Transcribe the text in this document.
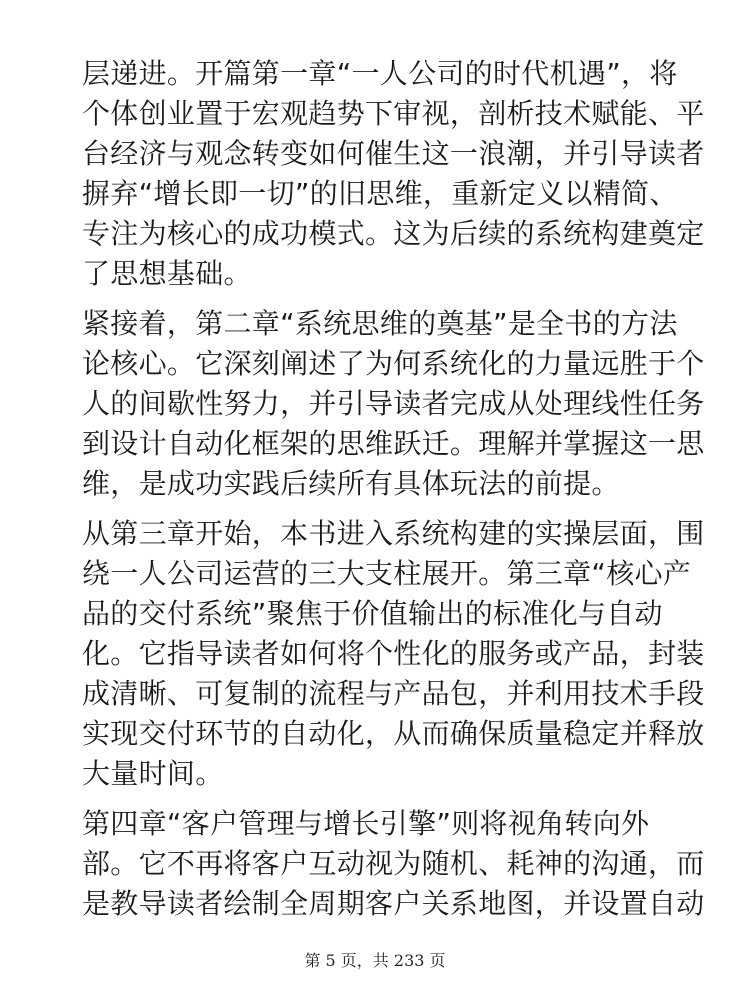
层递进。开篇第一章“一人公司的时代机遇”，将
个体创业置于宏观趋势下审视，剖析技术赋能、平
台经济与观念转变如何催生这一浪潮，并引导读者
摒弃“增长即一切”的旧思维，重新定义以精简、
专注为核心的成功模式。这为后续的系统构建奠定
了思想基础。
紧接着，第二章“系统思维的奠基”是全书的方法
论核心。它深刻阐述了为何系统化的力量远胜于个
人的间歇性努力，并引导读者完成从处理线性任务
到设计自动化框架的思维跃迁。理解并掌握这一思
维，是成功实践后续所有具体玩法的前提。
从第三章开始，本书进入系统构建的实操层面，围
绕一人公司运营的三大支柱展开。第三章“核心产
品的交付系统”聚焦于价值输出的标准化与自动
化。它指导读者如何将个性化的服务或产品，封装
成清晰、可复制的流程与产品包，并利用技术手段
实现交付环节的自动化，从而确保质量稳定并释放
大量时间。
第四章“客户管理与增长引擎”则将视角转向外
部。它不再将客户互动视为随机、耗神的沟通，而
是教导读者绘制全周期客户关系地图，并设置自动
第 5 页，共 233 页
